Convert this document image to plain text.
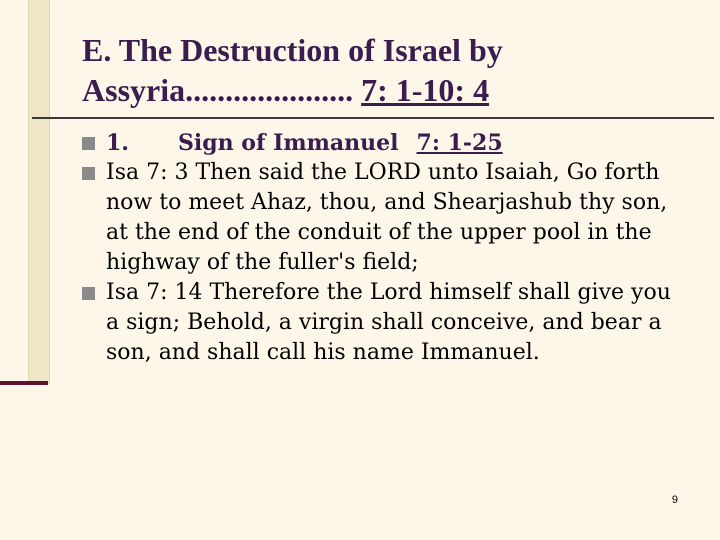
E. The Destruction of Israel by
Assyria..................... 7: 1-10: 4

1. Sign of Immanuel 7: 1-25

Isa 7: 3 Then said the LORD unto Isaiah, Go forth now to meet Ahaz, thou, and Shearjashub thy son, at the end of the conduit of the upper pool in the highway of the fuller's field;

Isa 7: 14 Therefore the Lord himself shall give you a sign; Behold, a virgin shall conceive, and bear a son, and shall call his name Immanuel.

9
